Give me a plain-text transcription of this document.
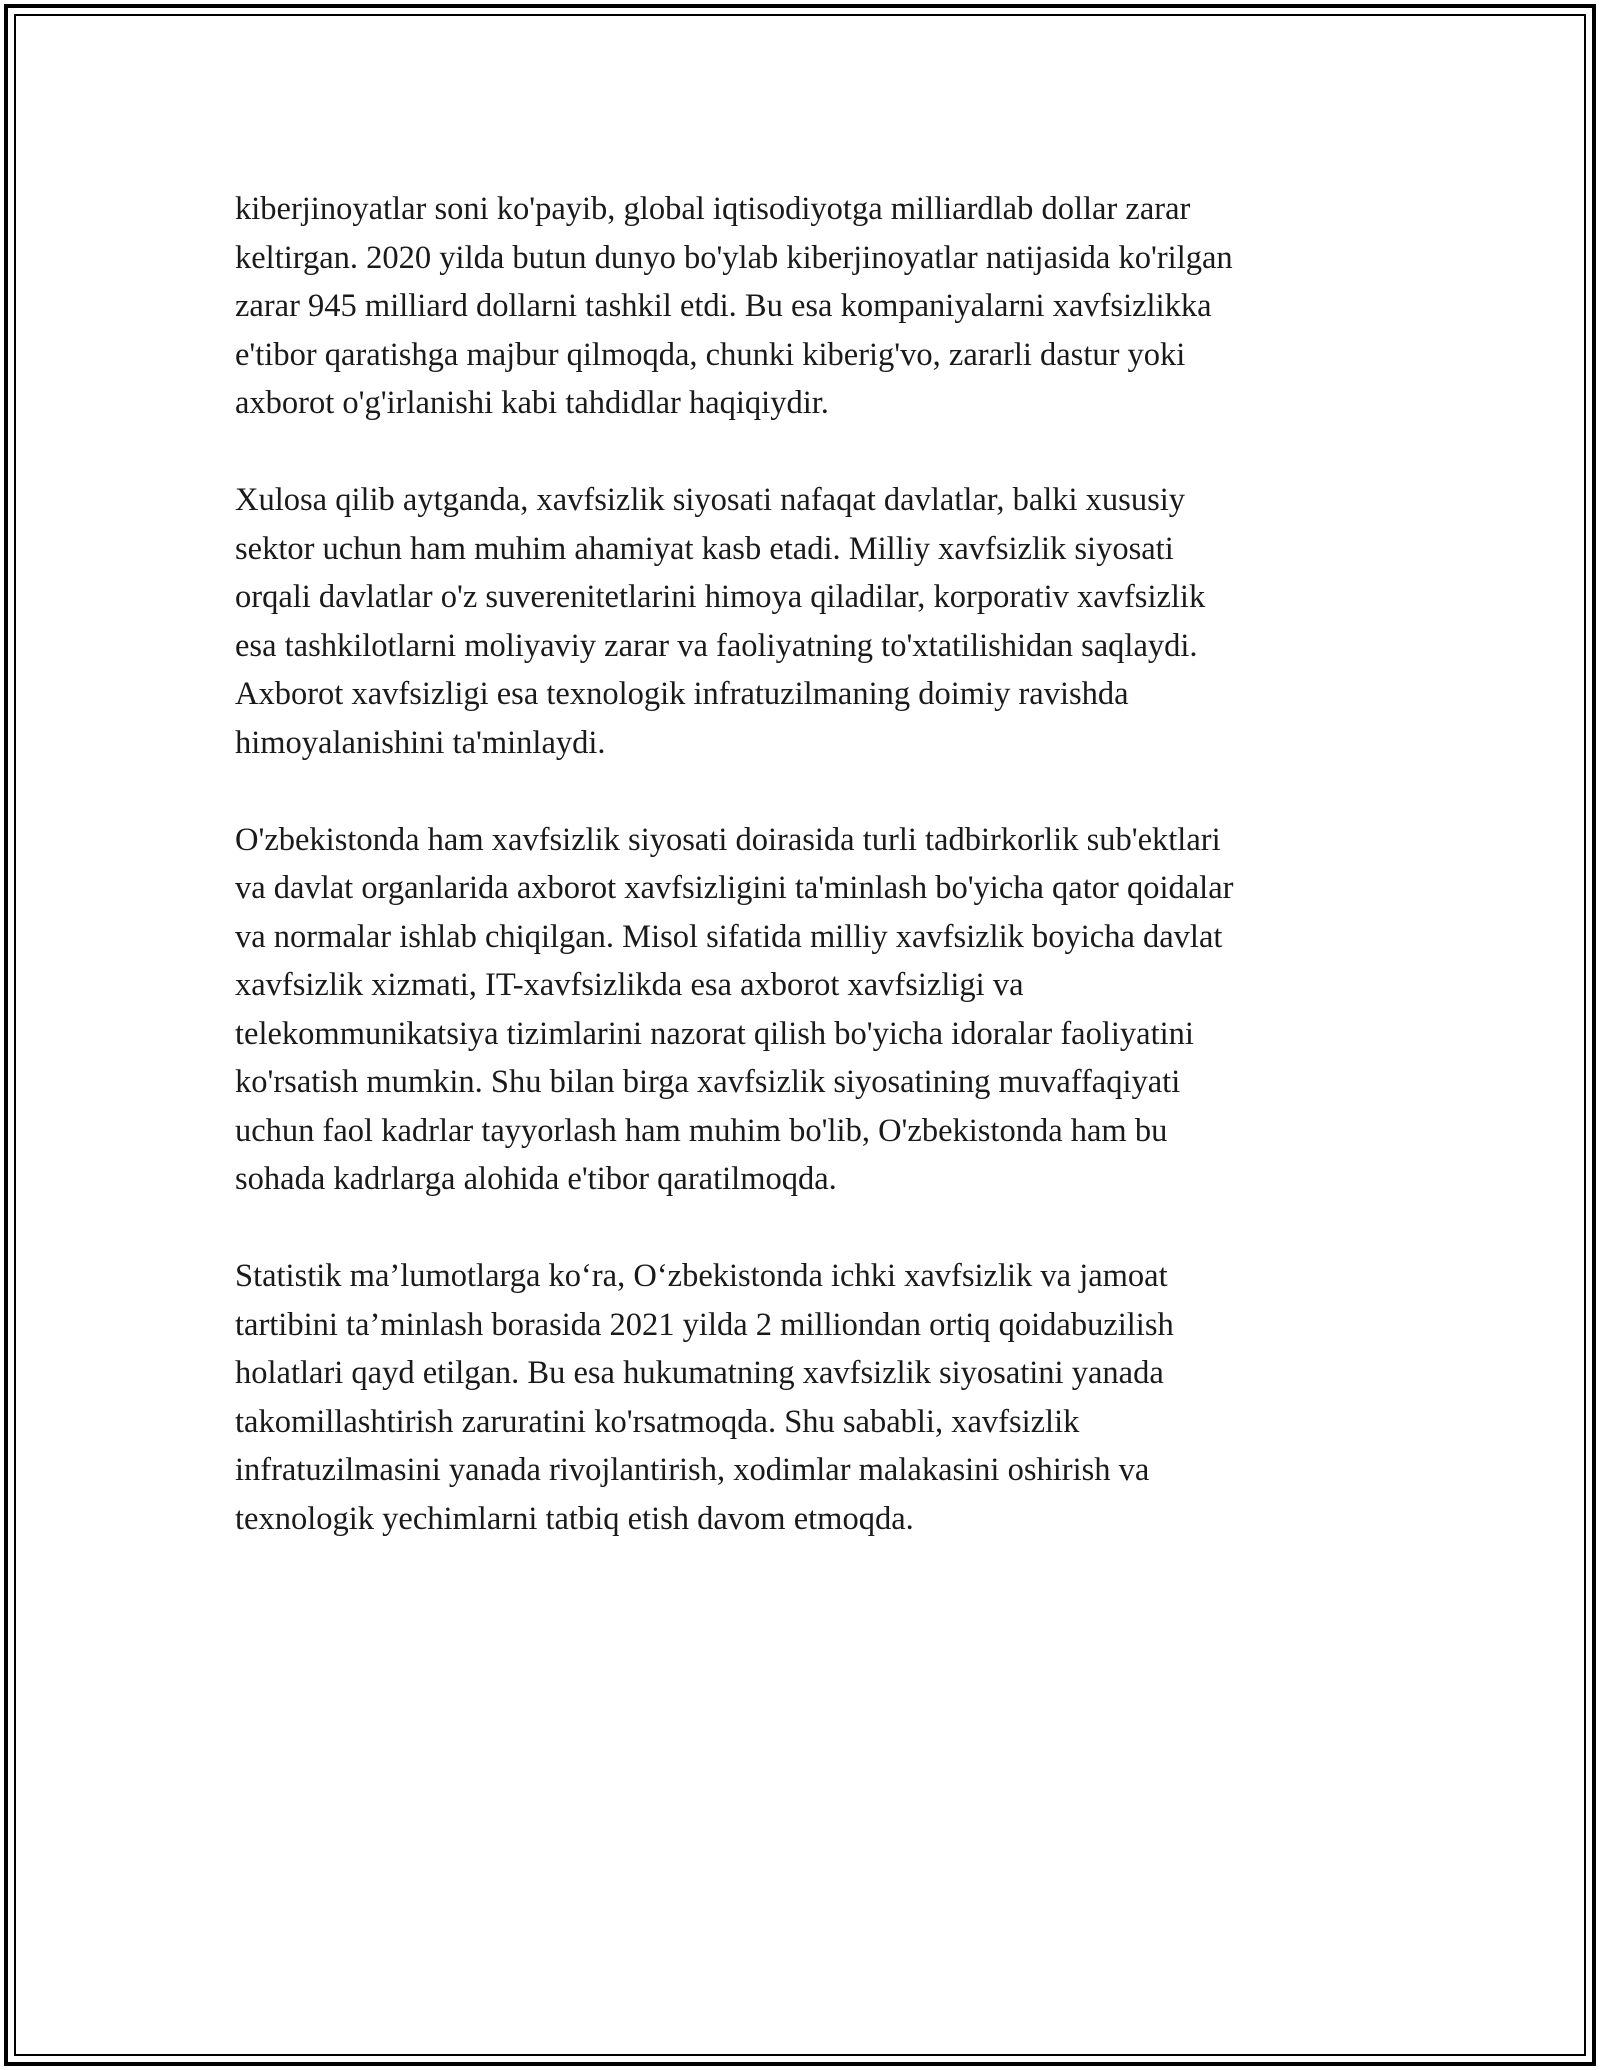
kiberjinoyatlar soni ko'payib, global iqtisodiyotga milliardlab dollar zarar
keltirgan. 2020 yilda butun dunyo bo'ylab kiberjinoyatlar natijasida ko'rilgan
zarar 945 milliard dollarni tashkil etdi. Bu esa kompaniyalarni xavfsizlikka
e'tibor qaratishga majbur qilmoqda, chunki kiberig'vo, zararli dastur yoki
axborot o'g'irlanishi kabi tahdidlar haqiqiydir.

Xulosa qilib aytganda, xavfsizlik siyosati nafaqat davlatlar, balki xususiy
sektor uchun ham muhim ahamiyat kasb etadi. Milliy xavfsizlik siyosati
orqali davlatlar o'z suverenitetlarini himoya qiladilar, korporativ xavfsizlik
esa tashkilotlarni moliyaviy zarar va faoliyatning to'xtatilishidan saqlaydi.
Axborot xavfsizligi esa texnologik infratuzilmaning doimiy ravishda
himoyalanishini ta'minlaydi.

O'zbekistonda ham xavfsizlik siyosati doirasida turli tadbirkorlik sub'ektlari
va davlat organlarida axborot xavfsizligini ta'minlash bo'yicha qator qoidalar
va normalar ishlab chiqilgan. Misol sifatida milliy xavfsizlik boyicha davlat
xavfsizlik xizmati, IT-xavfsizlikda esa axborot xavfsizligi va
telekommunikatsiya tizimlarini nazorat qilish bo'yicha idoralar faoliyatini
ko'rsatish mumkin. Shu bilan birga xavfsizlik siyosatining muvaffaqiyati
uchun faol kadrlar tayyorlash ham muhim bo'lib, O'zbekistonda ham bu
sohada kadrlarga alohida e'tibor qaratilmoqda.

Statistik ma’lumotlarga ko‘ra, O‘zbekistonda ichki xavfsizlik va jamoat
tartibini ta’minlash borasida 2021 yilda 2 milliondan ortiq qoidabuzilish
holatlari qayd etilgan. Bu esa hukumatning xavfsizlik siyosatini yanada
takomillashtirish zaruratini ko'rsatmoqda. Shu sababli, xavfsizlik
infratuzilmasini yanada rivojlantirish, xodimlar malakasini oshirish va
texnologik yechimlarni tatbiq etish davom etmoqda.
